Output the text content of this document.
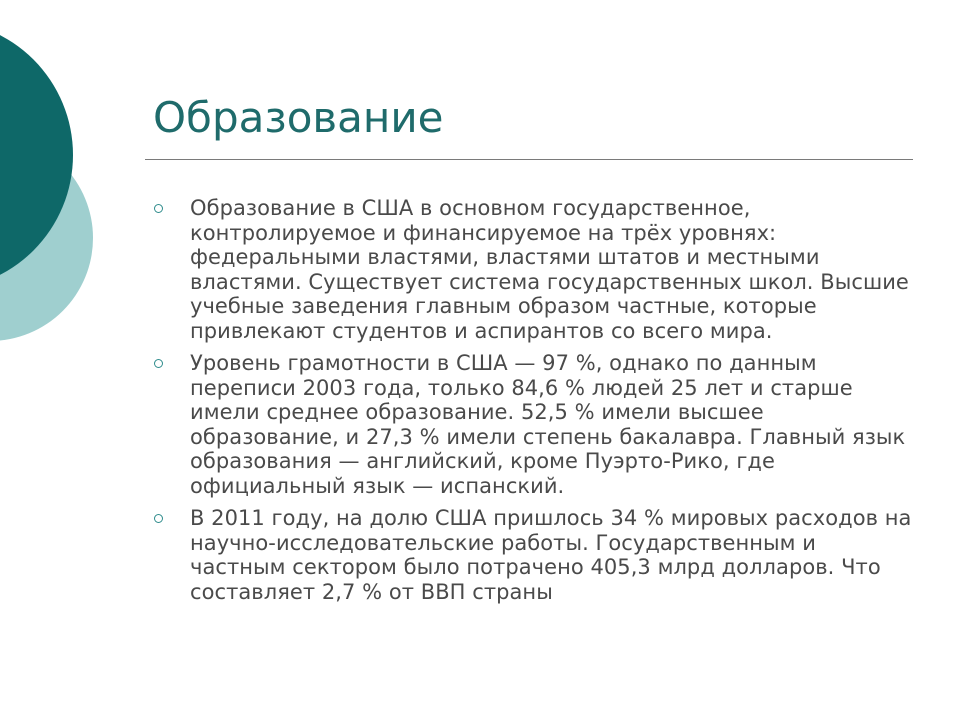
Образование
Образование в США в основном государственное, контролируемое и финансируемое на трёх уровнях: федеральными властями, властями штатов и местными властями. Существует система государственных школ. Высшие учебные заведения главным образом частные, которые привлекают студентов и аспирантов со всего мира.
Уровень грамотности в США — 97 %, однако по данным переписи 2003 года, только 84,6 % людей 25 лет и старше имели среднее образование. 52,5 % имели высшее образование, и 27,3 % имели степень бакалавра. Главный язык образования — английский, кроме Пуэрто-Рико, где официальный язык — испанский.
В 2011 году, на долю США пришлось 34 % мировых расходов на научно-исследовательские работы. Государственным и частным сектором было потрачено 405,3 млрд долларов. Что составляет 2,7 % от ВВП страны
